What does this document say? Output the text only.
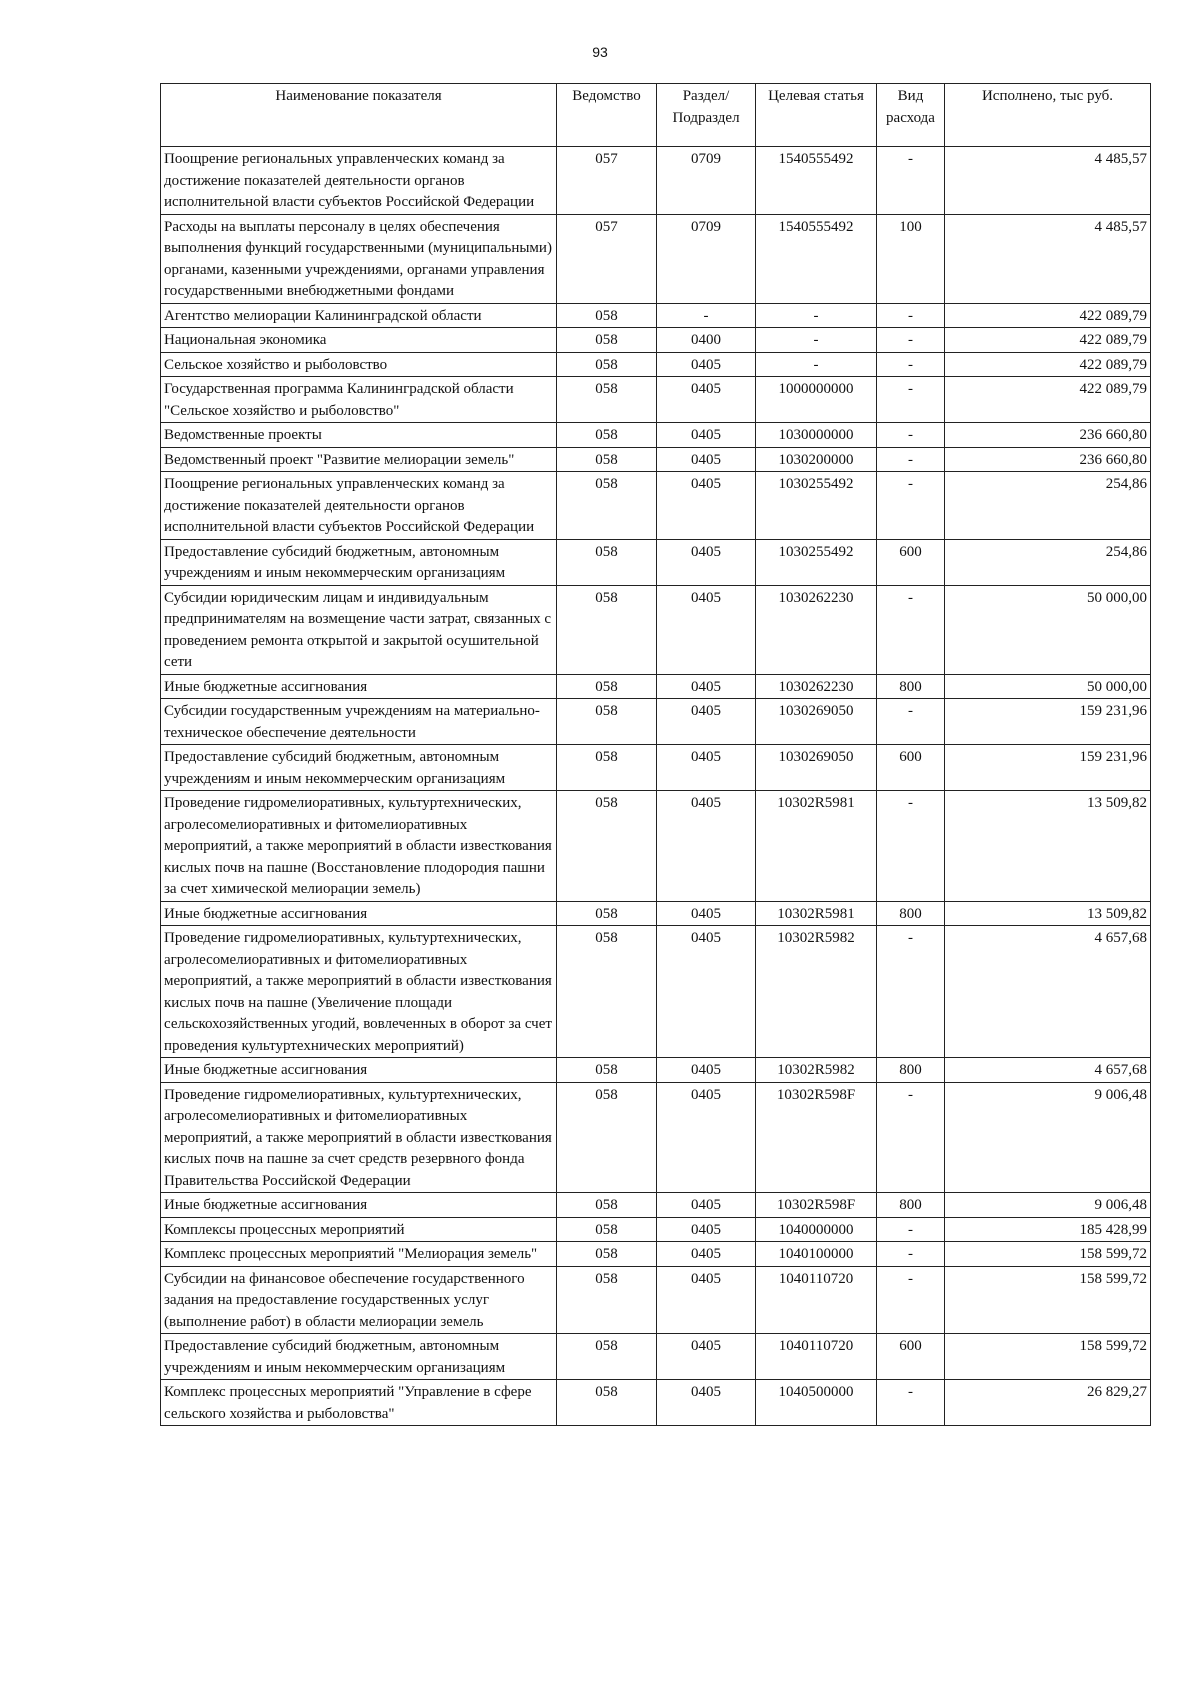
93
Наименование показателя	Ведомство	Раздел/ Подраздел	Целевая статья	Вид расхода	Исполнено, тыс руб.
Поощрение региональных управленческих команд за достижение показателей деятельности органов исполнительной власти субъектов Российской Федерации	057	0709	1540555492	-	4 485,57
Расходы на выплаты персоналу в целях обеспечения выполнения функций государственными (муниципальными) органами, казенными учреждениями, органами управления государственными внебюджетными фондами	057	0709	1540555492	100	4 485,57
Агентство мелиорации Калининградской области	058	-	-	-	422 089,79
Национальная экономика	058	0400	-	-	422 089,79
Сельское хозяйство и рыболовство	058	0405	-	-	422 089,79
Государственная программа Калининградской области "Сельское хозяйство и рыболовство"	058	0405	1000000000	-	422 089,79
Ведомственные проекты	058	0405	1030000000	-	236 660,80
Ведомственный проект "Развитие мелиорации земель"	058	0405	1030200000	-	236 660,80
Поощрение региональных управленческих команд за достижение показателей деятельности органов исполнительной власти субъектов Российской Федерации	058	0405	1030255492	-	254,86
Предоставление субсидий бюджетным, автономным учреждениям и иным некоммерческим организациям	058	0405	1030255492	600	254,86
Субсидии юридическим лицам и индивидуальным предпринимателям на возмещение части затрат, связанных с проведением ремонта открытой и закрытой осушительной сети	058	0405	1030262230	-	50 000,00
Иные бюджетные ассигнования	058	0405	1030262230	800	50 000,00
Субсидии государственным учреждениям на материально-техническое обеспечение деятельности	058	0405	1030269050	-	159 231,96
Предоставление субсидий бюджетным, автономным учреждениям и иным некоммерческим организациям	058	0405	1030269050	600	159 231,96
Проведение гидромелиоративных, культуртехнических, агролесомелиоративных и фитомелиоративных мероприятий, а также мероприятий в области известкования кислых почв на пашне (Восстановление плодородия пашни за счет химической мелиорации земель)	058	0405	10302R5981	-	13 509,82
Иные бюджетные ассигнования	058	0405	10302R5981	800	13 509,82
Проведение гидромелиоративных, культуртехнических, агролесомелиоративных и фитомелиоративных мероприятий, а также мероприятий в области известкования кислых почв на пашне (Увеличение площади сельскохозяйственных угодий, вовлеченных в оборот за счет проведения культуртехнических мероприятий)	058	0405	10302R5982	-	4 657,68
Иные бюджетные ассигнования	058	0405	10302R5982	800	4 657,68
Проведение гидромелиоративных, культуртехнических, агролесомелиоративных и фитомелиоративных мероприятий, а также мероприятий в области известкования кислых почв на пашне за счет средств резервного фонда Правительства Российской Федерации	058	0405	10302R598F	-	9 006,48
Иные бюджетные ассигнования	058	0405	10302R598F	800	9 006,48
Комплексы процессных мероприятий	058	0405	1040000000	-	185 428,99
Комплекс процессных мероприятий "Мелиорация земель"	058	0405	1040100000	-	158 599,72
Субсидии на финансовое обеспечение государственного задания на предоставление государственных услуг (выполнение работ) в области мелиорации земель	058	0405	1040110720	-	158 599,72
Предоставление субсидий бюджетным, автономным учреждениям и иным некоммерческим организациям	058	0405	1040110720	600	158 599,72
Комплекс процессных мероприятий "Управление в сфере сельского хозяйства и рыболовства"	058	0405	1040500000	-	26 829,27
